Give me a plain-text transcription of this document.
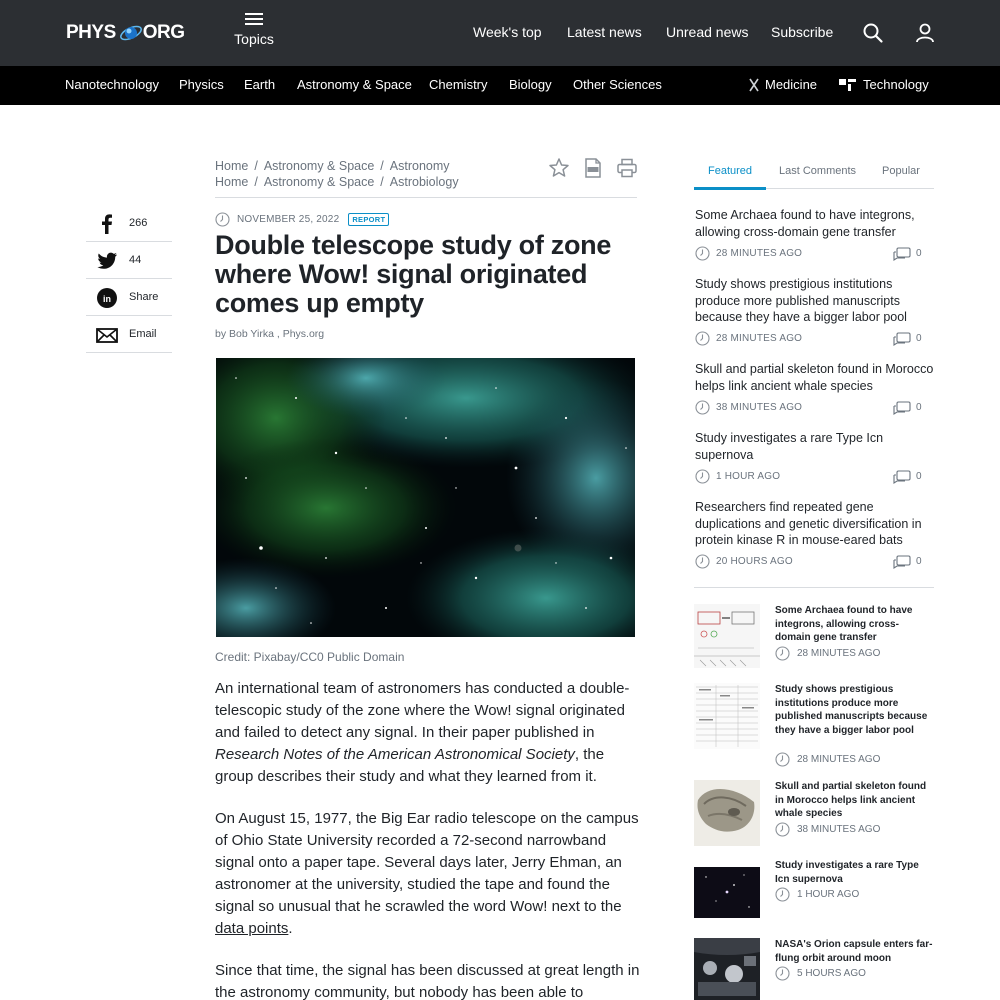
PHYS ORG	Topics	Week's top Latest news Unread news Subscribe
Nanotechnology Physics Earth Astronomy & Space Chemistry Biology Other Sciences	Medicine	Technology
266
44
in Share
Email
Home / Astronomy & Space / Astronomy
Home / Astronomy & Space / Astrobiology
NOVEMBER 25, 2022	REPORT
Double telescope study of zone where Wow! signal originated comes up empty
by Bob Yirka , Phys.org
Credit: Pixabay/CC0 Public Domain

An international team of astronomers has conducted a double-telescopic study of the zone where the Wow! signal originated and failed to detect any signal. In their paper published in Research Notes of the American Astronomical Society, the group describes their study and what they learned from it.

On August 15, 1977, the Big Ear radio telescope on the campus of Ohio State University recorded a 72-second narrowband signal onto a paper tape. Several days later, Jerry Ehman, an astronomer at the university, studied the tape and found the signal so unusual that he scrawled the word Wow! next to the data points.

Since that time, the signal has been discussed at great length in the astronomy community, but nobody has been able to

Featured Last Comments Popular
Some Archaea found to have integrons, allowing cross-domain gene transfer
28 MINUTES AGO	0
Study shows prestigious institutions produce more published manuscripts because they have a bigger labor pool
28 MINUTES AGO	0
Skull and partial skeleton found in Morocco helps link ancient whale species
38 MINUTES AGO	0
Study investigates a rare Type Icn supernova
1 HOUR AGO	0
Researchers find repeated gene duplications and genetic diversification in protein kinase R in mouse-eared bats
20 HOURS AGO	0
Some Archaea found to have integrons, allowing cross-domain gene transfer
28 MINUTES AGO
Study shows prestigious institutions produce more published manuscripts because they have a bigger labor pool
28 MINUTES AGO
Skull and partial skeleton found in Morocco helps link ancient whale species
38 MINUTES AGO
Study investigates a rare Type Icn supernova
1 HOUR AGO
NASA's Orion capsule enters far-flung orbit around moon
5 HOURS AGO
